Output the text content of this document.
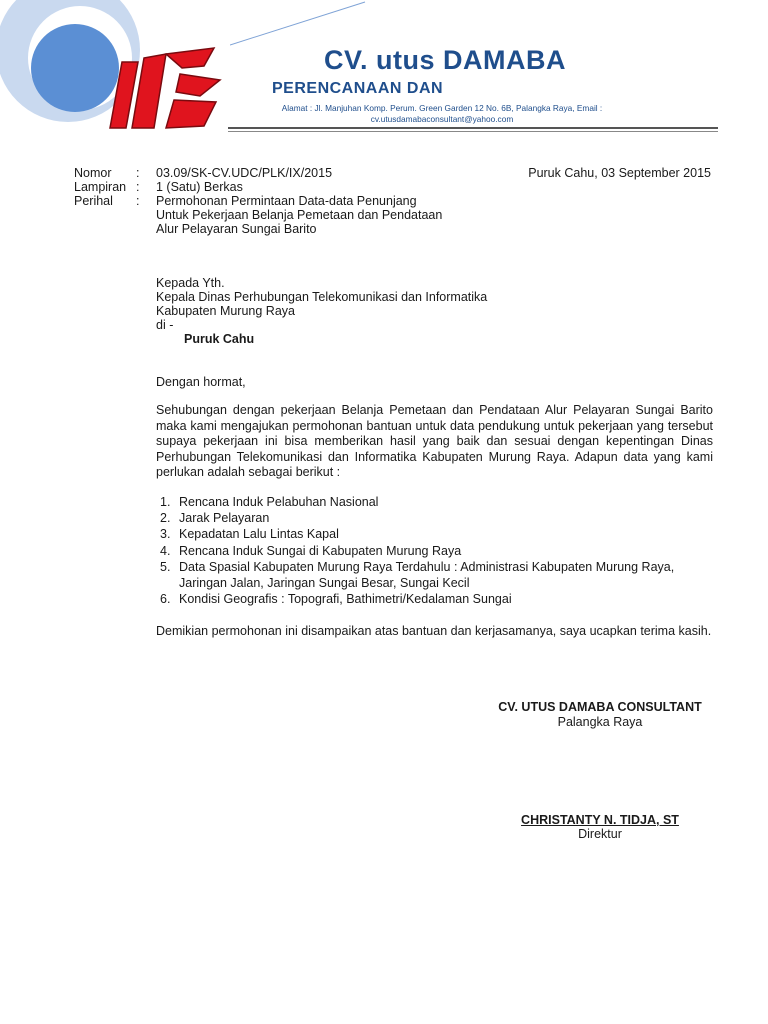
CV. utus DAMABA
PERENCANAAN DAN
Alamat : Jl. Manjuhan Komp. Perum. Green Garden 12 No. 6B, Palangka Raya, Email :
cv.utusdamabaconsultant@yahoo.com
Nomor : 03.09/SK-CV.UDC/PLK/IX/2015	Puruk Cahu, 03 September 2015
Lampiran : 1 (Satu) Berkas
Perihal : Permohonan Permintaan Data-data Penunjang
Untuk Pekerjaan Belanja Pemetaan dan Pendataan
Alur Pelayaran Sungai Barito
Kepada Yth.
Kepala Dinas Perhubungan Telekomunikasi dan Informatika
Kabupaten Murung Raya
di -
Puruk Cahu
Dengan hormat,

Sehubungan dengan pekerjaan Belanja Pemetaan dan Pendataan Alur Pelayaran Sungai Barito maka kami mengajukan permohonan bantuan untuk data pendukung untuk pekerjaan yang tersebut supaya pekerjaan ini bisa memberikan hasil yang baik dan sesuai dengan kepentingan Dinas Perhubungan Telekomunikasi dan Informatika Kabupaten Murung Raya. Adapun data yang kami perlukan adalah sebagai berikut :

1. Rencana Induk Pelabuhan Nasional
2. Jarak Pelayaran
3. Kepadatan Lalu Lintas Kapal
4. Rencana Induk Sungai di Kabupaten Murung Raya
5. Data Spasial Kabupaten Murung Raya Terdahulu : Administrasi Kabupaten Murung Raya, Jaringan Jalan, Jaringan Sungai Besar, Sungai Kecil
6. Kondisi Geografis : Topografi, Bathimetri/Kedalaman Sungai

Demikian permohonan ini disampaikan atas bantuan dan kerjasamanya, saya ucapkan terima kasih.

CV. UTUS DAMABA CONSULTANT
Palangka Raya
CHRISTANTY N. TIDJA, ST
Direktur
